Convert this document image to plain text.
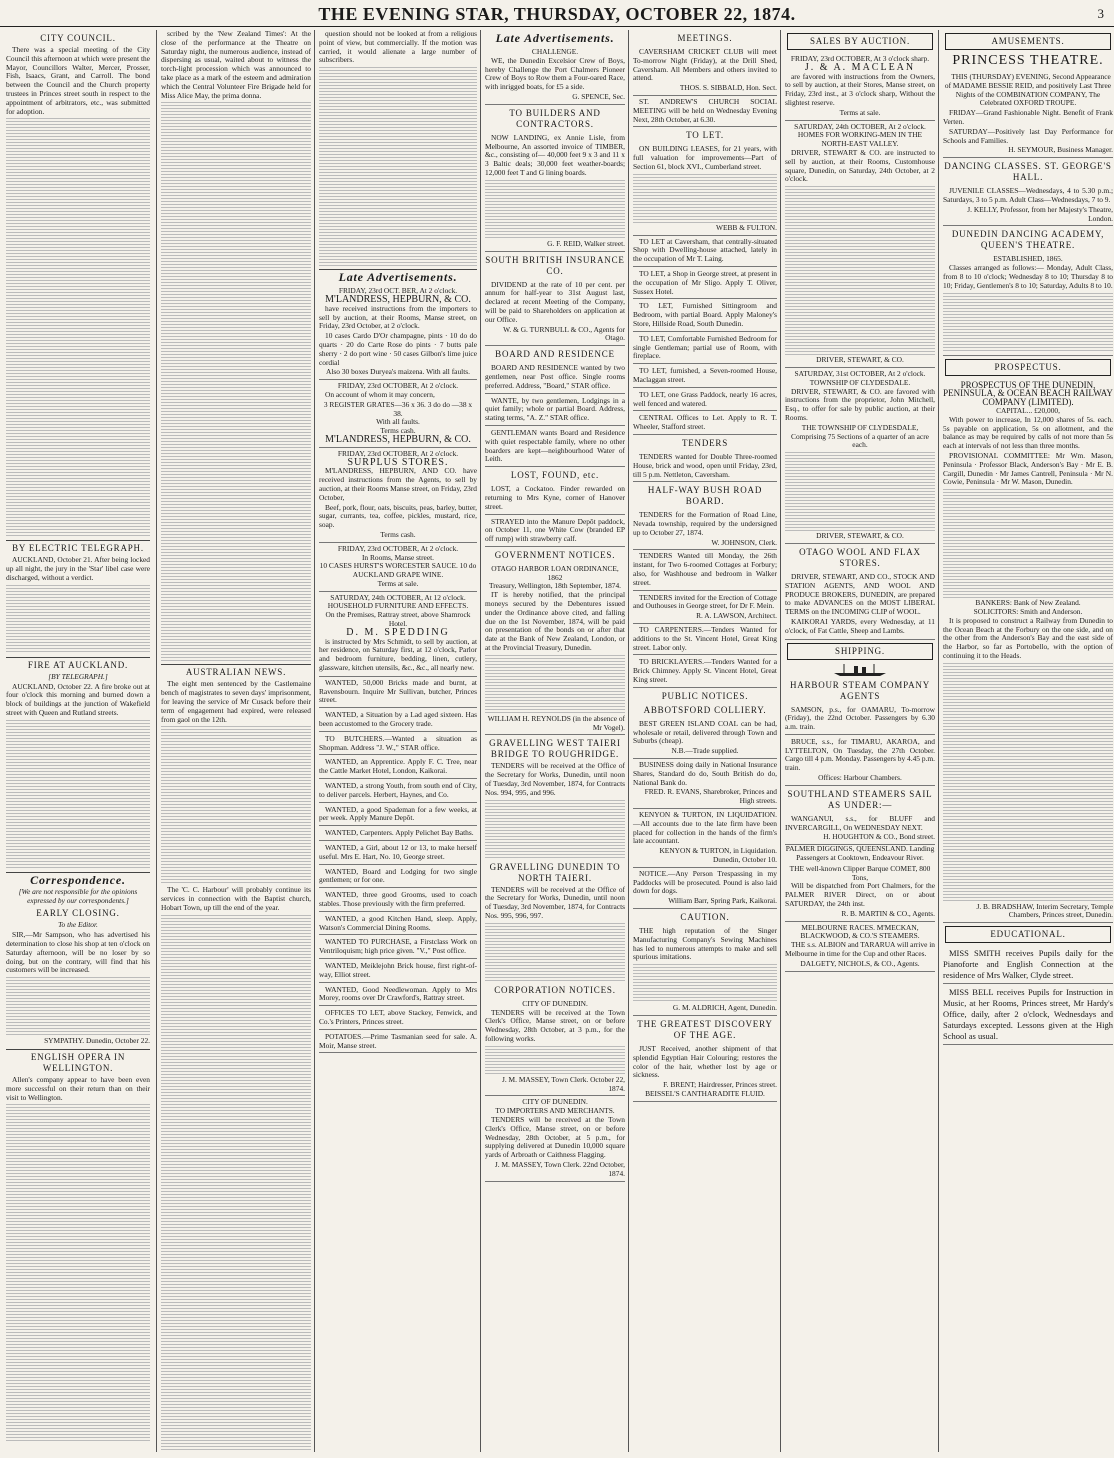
THE EVENING STAR, THURSDAY, OCTOBER 22, 1874.	3
CITY COUNCIL.

There was a special meeting of the City Council this afternoon at which were present the Mayor, Councillors Walter, Mercer, Prosser, Fish, Isaacs, Grant, and Carroll. The bond between the Council and the Church property trustees in Princes street south in respect to the appointment of arbitrators, etc., was submitted for adoption.

BY ELECTRIC TELEGRAPH.

AUCKLAND, October 21. After being locked up all night, the jury in the 'Star' libel case were discharged, without a verdict.

FIRE AT AUCKLAND.
[BY TELEGRAPH.]

AUCKLAND, October 22. A fire broke out at four o'clock this morning and burned down a block of buildings at the junction of Wakefield street with Queen and Rutland streets.

Correspondence.
[We are not responsible for the opinions expressed by our correspondents.]
EARLY CLOSING.
To the Editor.

SIR,—Mr Sampson, who has advertised his determination to close his shop at ten o'clock on Saturday afternoon, will be no loser by so doing, but on the contrary, will find that his customers will be increased.

SYMPATHY. Dunedin, October 22.

ENGLISH OPERA IN WELLINGTON.

Allen's company appear to have been even more successful on their return than on their visit to Wellington.

scribed by the 'New Zealand Times': At the close of the performance at the Theatre on Saturday night, the numerous audience, instead of dispersing as usual, waited about to witness the torch-light procession which was announced to take place as a mark of the esteem and admiration which the Central Volunteer Fire Brigade held for Miss Alice May, the prima donna.

AUSTRALIAN NEWS.

The eight men sentenced by the Castlemaine bench of magistrates to seven days' imprisonment, for leaving the service of Mr Cusack before their term of engagement had expired, were released from gaol on the 12th.

The 'C. C. Harbour' will probably continue its services in connection with the Baptist church, Hobart Town, up till the end of the year.

question should not be looked at from a religious point of view, but commercially. If the motion was carried, it would alienate a large number of subscribers.

Late Advertisements.
FRIDAY, 23rd OCT. BER, At 2 o'clock.
M'LANDRESS, HEPBURN, & CO.

have received instructions from the importers to sell by auction, at their Rooms, Manse street, on Friday, 23rd October, at 2 o'clock.

10 cases Cardo D'Or champagne, pints · 10 do do quarts · 20 do Carte Rose do pints · 7 butts pale sherry · 2 do port wine · 50 cases Gilbon's lime juice cordial

Also 30 boxes Duryea's maizena. With all faults.
FRIDAY, 23rd OCTOBER, At 2 o'clock.

On account of whom it may concern,

3 REGISTER GRATES—36 x 36. 3 do do —38 x 38.
With all faults.
Terms cash.
M'LANDRESS, HEPBURN, & CO.
FRIDAY, 23rd OCTOBER, At 2 o'clock.
SURPLUS STORES.

M'LANDRESS, HEPBURN, AND CO. have received instructions from the Agents, to sell by auction, at their Rooms Manse street, on Friday, 23rd October,

Beef, pork, flour, oats, biscuits, peas, barley, butter, sugar, currants, tea, coffee, pickles, mustard, rice, soap.

Terms cash.
FRIDAY, 23rd OCTOBER, At 2 o'clock.
In Rooms, Manse street.
10 CASES HURST'S WORCESTER SAUCE. 10 do AUCKLAND GRAPE WINE.
Terms at sale.
SATURDAY, 24th OCTOBER, At 12 o'clock.
HOUSEHOLD FURNITURE AND EFFECTS.
On the Premises, Rattray street, above Shamrock Hotel.
D. M. SPEDDING

is instructed by Mrs Schmidt, to sell by auction, at her residence, on Saturday first, at 12 o'clock, Parlor and bedroom furniture, bedding, linen, cutlery, glassware, kitchen utensils, &c., &c., all nearly new.

WANTED, 50,000 Bricks made and burnt, at Ravensbourn. Inquire Mr Sullivan, butcher, Princes street.

WANTED, a Situation by a Lad aged sixteen. Has been accustomed to the Grocery trade.

TO BUTCHERS.—Wanted a situation as Shopman. Address "J. W.," STAR office.

WANTED, an Apprentice. Apply F. C. Tree, near the Cattle Market Hotel, London, Kaikorai.

WANTED, a strong Youth, from south end of City, to deliver parcels. Herbert, Haynes, and Co.

WANTED, a good Spademan for a few weeks, at per week. Apply Manure Depôt.

WANTED, Carpenters. Apply Pelichet Bay Baths.

WANTED, a Girl, about 12 or 13, to make herself useful. Mrs E. Hart, No. 10, George street.

WANTED, Board and Lodging for two single gentlemen; or for one.

WANTED, three good Grooms, used to coach stables. Those previously with the firm preferred.

WANTED, a good Kitchen Hand, sleep. Apply, Watson's Commercial Dining Rooms.

WANTED TO PURCHASE, a Firstclass Work on Ventriloquism; high price given. "V.," Post office.

WANTED, Meiklejohn Brick house, first right-of-way, Elliot street.

WANTED, Good Needlewoman. Apply to Mrs Morey, rooms over Dr Crawford's, Rattray street.

OFFICES TO LET, above Stackey, Fenwick, and Co.'s Printers, Princes street.

POTATOES.—Prime Tasmanian seed for sale. A. Moir, Manse street.

Late Advertisements.
CHALLENGE.

WE, the Dunedin Excelsior Crew of Boys, hereby Challenge the Port Chalmers Pioneer Crew of Boys to Row them a Four-oared Race, with inrigged boats, for £5 a side.

G. SPENCE, Sec.
TO BUILDERS AND CONTRACTORS.

NOW LANDING, ex Annie Lisle, from Melbourne, An assorted invoice of TIMBER, &c., consisting of— 40,000 feet 9 x 3 and 11 x 3 Baltic deals; 30,000 feet weather-boards; 12,000 feet T and G lining boards.

G. F. REID, Walker street.
SOUTH BRITISH INSURANCE CO.

DIVIDEND at the rate of 10 per cent. per annum for half-year to 31st August last, declared at recent Meeting of the Company, will be paid to Shareholders on application at our Office.

W. & G. TURNBULL & CO., Agents for Otago.
BOARD AND RESIDENCE

BOARD AND RESIDENCE wanted by two gentlemen, near Post office. Single rooms preferred. Address, "Board," STAR office.

WANTE, by two gentlemen, Lodgings in a quiet family; whole or partial Board. Address, stating terms, "A. Z." STAR office.

GENTLEMAN wants Board and Residence with quiet respectable family, where no other boarders are kept—neighbourhood Water of Leith.

LOST, FOUND, etc.

LOST, a Cockatoo. Finder rewarded on returning to Mrs Kyne, corner of Hanover street.

STRAYED into the Manure Depôt paddock, on October 11, one White Cow (branded EP off rump) with strawberry calf.

GOVERNMENT NOTICES.
OTAGO HARBOR LOAN ORDINANCE, 1862
Treasury, Wellington, 18th September, 1874.

IT is hereby notified, that the principal moneys secured by the Debentures issued under the Ordinance above cited, and falling due on the 1st November, 1874, will be paid on presentation of the bonds on or after that date at the Bank of New Zealand, London, or at the Provincial Treasury, Dunedin.

WILLIAM H. REYNOLDS (in the absence of Mr Vogel).
GRAVELLING WEST TAIERI BRIDGE TO ROUGHRIDGE.

TENDERS will be received at the Office of the Secretary for Works, Dunedin, until noon of Tuesday, 3rd November, 1874, for Contracts Nos. 994, 995, and 996.

GRAVELLING DUNEDIN TO NORTH TAIERI.

TENDERS will be received at the Office of the Secretary for Works, Dunedin, until noon of Tuesday, 3rd November, 1874, for Contracts Nos. 995, 996, 997.

CORPORATION NOTICES.
CITY OF DUNEDIN.

TENDERS will be received at the Town Clerk's Office, Manse street, on or before Wednesday, 28th October, at 3 p.m., for the following works.

J. M. MASSEY, Town Clerk. October 22, 1874.
CITY OF DUNEDIN.
TO IMPORTERS AND MERCHANTS.

TENDERS will be received at the Town Clerk's Office, Manse street, on or before Wednesday, 28th October, at 5 p.m., for supplying delivered at Dunedin 10,000 square yards of Arbroath or Caithness Flagging.

J. M. MASSEY, Town Clerk. 22nd October, 1874.
MEETINGS.

CAVERSHAM CRICKET CLUB will meet To-morrow Night (Friday), at the Drill Shed, Caversham. All Members and others invited to attend.

THOS. S. SIBBALD, Hon. Sect.

ST. ANDREW'S CHURCH SOCIAL MEETING will be held on Wednesday Evening Next, 28th October, at 6.30.

TO LET.

ON BUILDING LEASES, for 21 years, with full valuation for improvements—Part of Section 61, block XVI., Cumberland street.

WEBB & FULTON.

TO LET at Caversham, that centrally-situated Shop with Dwelling-house attached, lately in the occupation of Mr T. Laing.

TO LET, a Shop in George street, at present in the occupation of Mr Sligo. Apply T. Oliver, Sussex Hotel.

TO LET, Furnished Sittingroom and Bedroom, with partial Board. Apply Maloney's Store, Hillside Road, South Dunedin.

TO LET, Comfortable Furnished Bedroom for single Gentleman; partial use of Room, with fireplace.

TO LET, furnished, a Seven-roomed House, Maclaggan street.

TO LET, one Grass Paddock, nearly 16 acres, well fenced and watered.

CENTRAL Offices to Let. Apply to R. T. Wheeler, Stafford street.

TENDERS

TENDERS wanted for Double Three-roomed House, brick and wood, open until Friday, 23rd, till 5 p.m. Nettleton, Caversham.

HALF-WAY BUSH ROAD BOARD.

TENDERS for the Formation of Road Line, Nevada township, required by the undersigned up to October 27, 1874.

W. JOHNSON, Clerk.

TENDERS Wanted till Monday, the 26th instant, for Two 6-roomed Cottages at Forbury; also, for Washhouse and bedroom in Walker street.

TENDERS invited for the Erection of Cottage and Outhouses in George street, for Dr F. Mein.

R. A. LAWSON, Architect.

TO CARPENTERS.—Tenders Wanted for additions to the St. Vincent Hotel, Great King street. Labor only.

TO BRICKLAYERS.—Tenders Wanted for a Brick Chimney. Apply St. Vincent Hotel, Great King street.

PUBLIC NOTICES.
ABBOTSFORD COLLIERY.

BEST GREEN ISLAND COAL can be had, wholesale or retail, delivered through Town and Suburbs (cheap).

N.B.—Trade supplied.

BUSINESS doing daily in National Insurance Shares, Standard do do, South British do do, National Bank do.

FRED. R. EVANS, Sharebroker, Princes and High streets.

KENYON & TURTON, IN LIQUIDATION.—All accounts due to the late firm have been placed for collection in the hands of the firm's late accountant.

KENYON & TURTON, in Liquidation. Dunedin, October 10.

NOTICE.—Any Person Trespassing in my Paddocks will be prosecuted. Pound is also laid down for dogs.

William Barr, Spring Park, Kaikorai.
CAUTION.

THE high reputation of the Singer Manufacturing Company's Sewing Machines has led to numerous attempts to make and sell spurious imitations.

G. M. ALDRICH, Agent, Dunedin.
THE GREATEST DISCOVERY OF THE AGE.

JUST Received, another shipment of that splendid Egyptian Hair Colouring; restores the color of the hair, whether lost by age or sickness.

F. BRENT; Hairdresser, Princes street.
BEISSEL'S CANTHARADITE FLUID.
SALES BY AUCTION.
FRIDAY, 23rd OCTOBER, At 3 o'clock sharp.
J. & A. MACLEAN

are favored with instructions from the Owners, to sell by auction, at their Stores, Manse street, on Friday, 23rd inst., at 3 o'clock sharp, Without the slightest reserve.

Terms at sale.
SATURDAY, 24th OCTOBER, At 2 o'clock.
HOMES FOR WORKING-MEN IN THE NORTH-EAST VALLEY.

DRIVER, STEWART & CO. are instructed to sell by auction, at their Rooms, Customhouse square, Dunedin, on Saturday, 24th October, at 2 o'clock.

DRIVER, STEWART, & CO.
SATURDAY, 31st OCTOBER, At 2 o'clock.
TOWNSHIP OF CLYDESDALE.

DRIVER, STEWART, & CO. are favored with instructions from the proprietor, John Mitchell, Esq., to offer for sale by public auction, at their Rooms.

THE TOWNSHIP OF CLYDESDALE,
Comprising 75 Sections of a quarter of an acre each.
DRIVER, STEWART, & CO.
OTAGO WOOL AND FLAX STORES.

DRIVER, STEWART, AND CO., STOCK AND STATION AGENTS, AND WOOL AND PRODUCE BROKERS, DUNEDIN, are prepared to make ADVANCES on the MOST LIBERAL TERMS on the INCOMING CLIP of WOOL.

KAIKORAI YARDS, every Wednesday, at 11 o'clock, of Fat Cattle, Sheep and Lambs.

SHIPPING.
HARBOUR STEAM COMPANY AGENTS

SAMSON, p.s., for OAMARU, To-morrow (Friday), the 22nd October. Passengers by 6.30 a.m. train.

BRUCE, s.s., for TIMARU, AKAROA, and LYTTELTON, On Tuesday, the 27th October. Cargo till 4 p.m. Monday. Passengers by 4.45 p.m. train.

Offices: Harbour Chambers.
SOUTHLAND STEAMERS SAIL AS UNDER:—

WANGANUI, s.s., for BLUFF and INVERCARGILL, On WEDNESDAY NEXT.

H. HOUGHTON & CO., Bond street.
PALMER DIGGINGS, QUEENSLAND. Landing Passengers at Cooktown, Endeavour River.
THE well-known Clipper Barque COMET, 800 Tons,

Will be dispatched from Port Chalmers, for the PALMER RIVER Direct, on or about SATURDAY, the 24th inst.

R. B. MARTIN & CO., Agents.
MELBOURNE RACES. M'MECKAN, BLACKWOOD, & CO.'S STEAMERS.

THE s.s. ALBION and TARARUA will arrive in Melbourne in time for the Cup and other Races.

DALGETY, NICHOLS, & CO., Agents.
AMUSEMENTS.
PRINCESS THEATRE.

THIS (THURSDAY) EVENING, Second Appearance of MADAME BESSIE REID, and positively Last Three Nights of the COMBINATION COMPANY, The Celebrated OXFORD TROUPE.

FRIDAY—Grand Fashionable Night. Benefit of Frank Verten.

SATURDAY—Positively last Day Performance for Schools and Families.

H. SEYMOUR, Business Manager.
DANCING CLASSES. ST. GEORGE'S HALL.

JUVENILE CLASSES—Wednesdays, 4 to 5.30 p.m.; Saturdays, 3 to 5 p.m. Adult Class—Wednesdays, 7 to 9.

J. KELLY, Professor, from her Majesty's Theatre, London.
DUNEDIN DANCING ACADEMY, QUEEN'S THEATRE.
ESTABLISHED, 1865.

Classes arranged as follows:— Monday, Adult Class, from 8 to 10 o'clock; Wednesday 8 to 10; Thursday 8 to 10; Friday, Gentlemen's 8 to 10; Saturday, Adults 8 to 10.

PROSPECTUS.
PROSPECTUS OF THE DUNEDIN, PENINSULA, & OCEAN BEACH RAILWAY COMPANY (LIMITED).
CAPITAL... £20,000,

With power to increase, In 12,000 shares of 5s. each. 5s payable on application, 5s on allotment, and the balance as may be required by calls of not more than 5s each at intervals of not less than three months.

PROVISIONAL COMMITTEE: Mr Wm. Mason, Peninsula · Professor Black, Anderson's Bay · Mr E. B. Cargill, Dunedin · Mr James Cantrell, Peninsula · Mr N. Cowie, Peninsula · Mr W. Mason, Dunedin.

BANKERS: Bank of New Zealand.
SOLICITORS: Smith and Anderson.

It is proposed to construct a Railway from Dunedin to the Ocean Beach at the Forbury on the one side, and on the other from the Anderson's Bay and the east side of the Harbor, so far as Portobello, with the option of continuing it to the Heads.

J. B. BRADSHAW, Interim Secretary, Temple Chambers, Princes street, Dunedin.
EDUCATIONAL.

MISS SMITH receives Pupils daily for the Pianoforte and English Connection at the residence of Mrs Walker, Clyde street.

MISS BELL receives Pupils for Instruction in Music, at her Rooms, Princes street, Mr Hardy's Office, daily, after 2 o'clock, Wednesdays and Saturdays excepted. Lessons given at the High School as usual.
